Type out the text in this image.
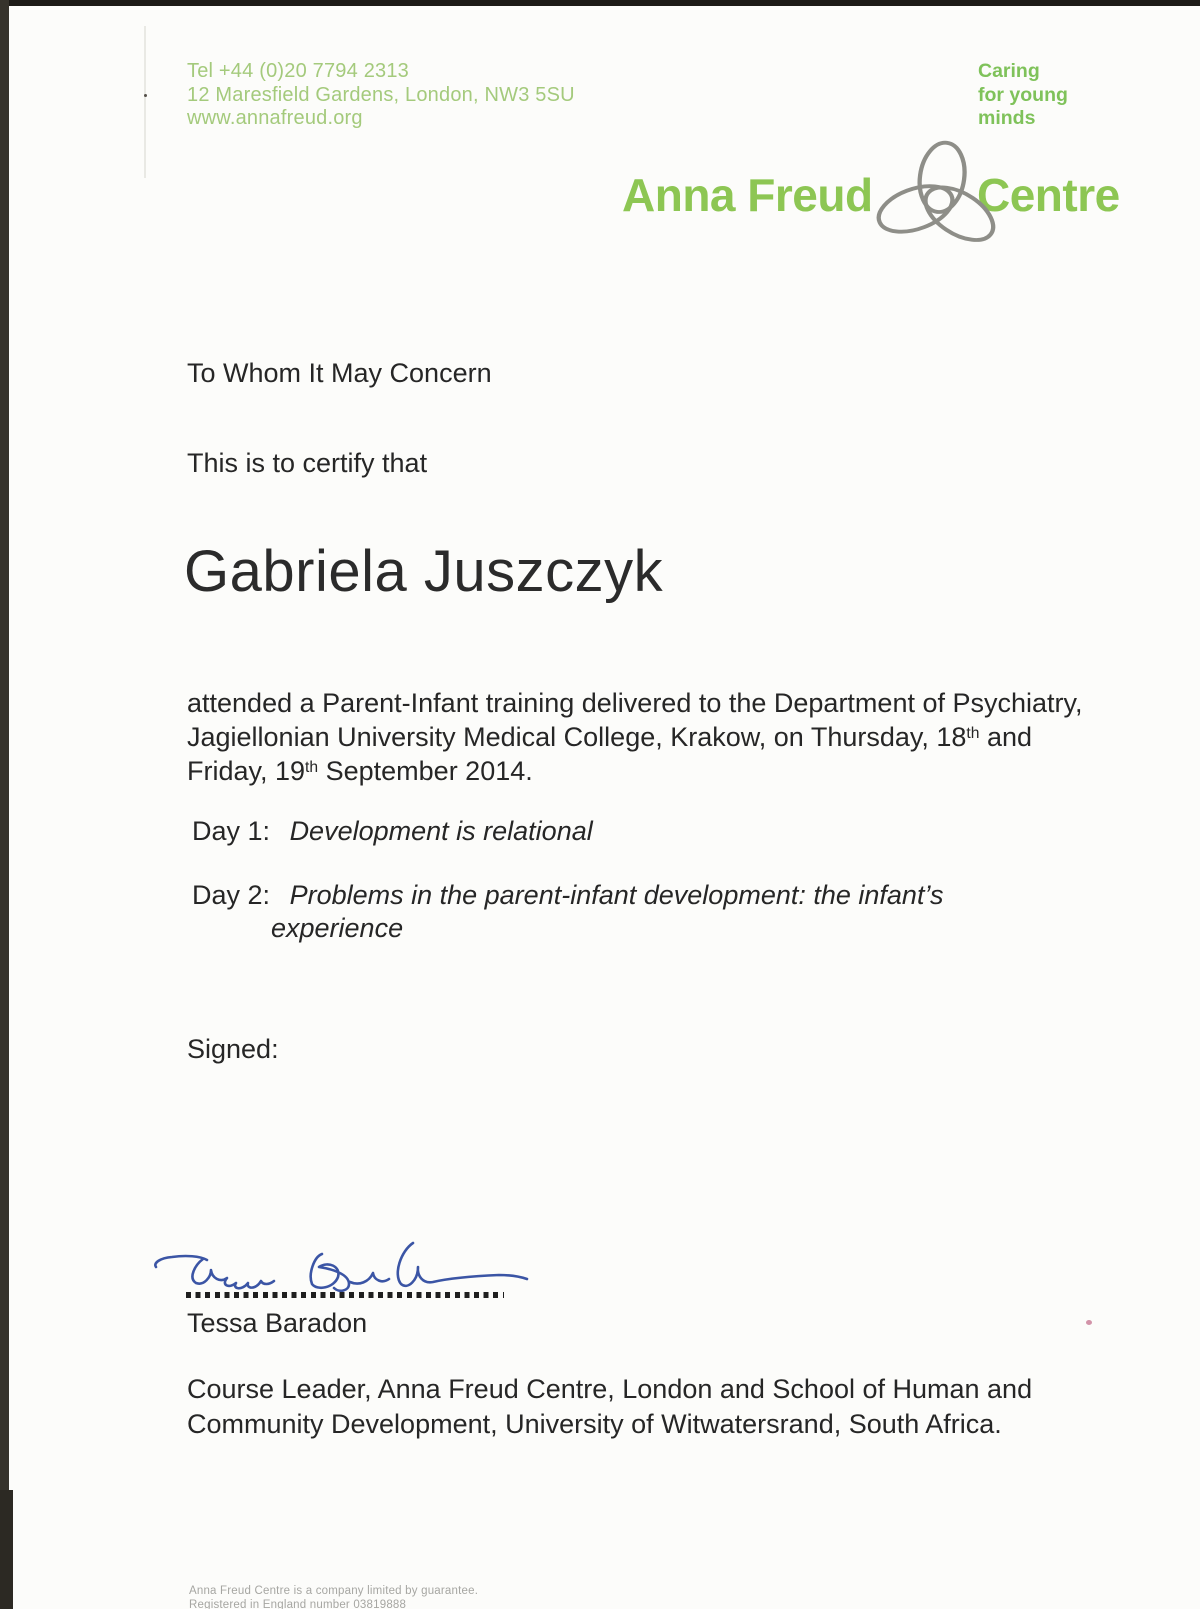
Tel +44 (0)20 7794 2313
12 Maresfield Gardens, London, NW3 5SU
www.annafreud.org
Caring
for young
minds
Anna Freud Centre
To Whom It May Concern
This is to certify that
Gabriela Juszczyk
attended a Parent-Infant training delivered to the Department of Psychiatry,
Jagiellonian University Medical College, Krakow, on Thursday, 18th and
Friday, 19th September 2014.
Day 1: Development is relational
Day 2: Problems in the parent-infant development: the infant’s
experience
Signed:
Tessa Baradon
Course Leader, Anna Freud Centre, London and School of Human and
Community Development, University of Witwatersrand, South Africa.
Anna Freud Centre is a company limited by guarantee.
Registered in England number 03819888
